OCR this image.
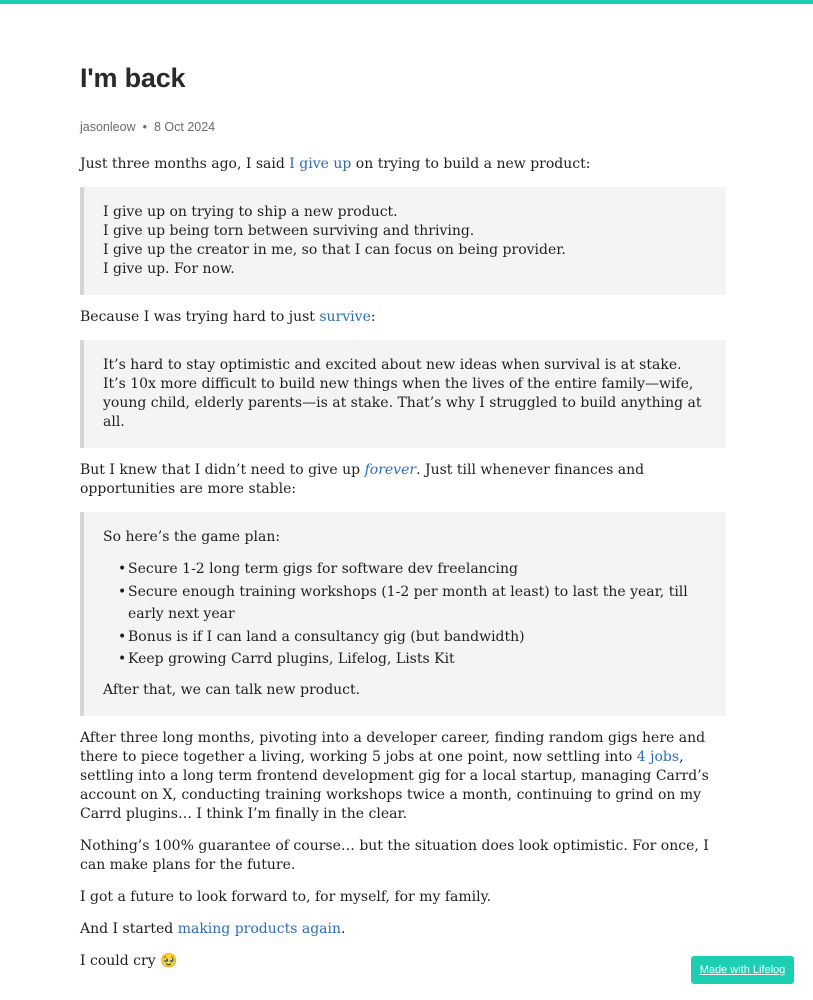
I'm back
jasonleow • 8 Oct 2024

Just three months ago, I said I give up on trying to build a new product:

I give up on trying to ship a new product.
I give up being torn between surviving and thriving.
I give up the creator in me, so that I can focus on being provider.
I give up. For now.

Because I was trying hard to just survive:

It’s hard to stay optimistic and excited about new ideas when survival is at stake. It’s 10x more difficult to build new things when the lives of the entire family—wife, young child, elderly parents—is at stake. That’s why I struggled to build anything at all.

But I knew that I didn’t need to give up forever. Just till whenever finances and opportunities are more stable:

So here’s the game plan:
• Secure 1-2 long term gigs for software dev freelancing
• Secure enough training workshops (1-2 per month at least) to last the year, till early next year
• Bonus is if I can land a consultancy gig (but bandwidth)
• Keep growing Carrd plugins, Lifelog, Lists Kit
After that, we can talk new product.

After three long months, pivoting into a developer career, finding random gigs here and there to piece together a living, working 5 jobs at one point, now settling into 4 jobs, settling into a long term frontend development gig for a local startup, managing Carrd’s account on X, conducting training workshops twice a month, continuing to grind on my Carrd plugins… I think I’m finally in the clear.

Nothing’s 100% guarantee of course… but the situation does look optimistic. For once, I can make plans for the future.

I got a future to look forward to, for myself, for my family.

And I started making products again.

I could cry 🥹

Made with Lifelog
